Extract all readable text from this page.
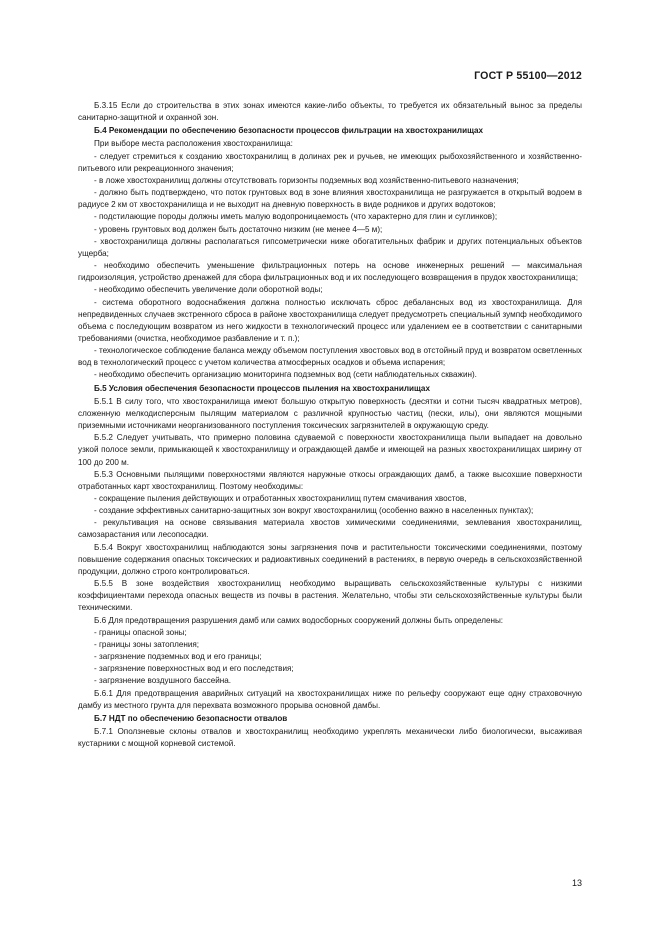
ГОСТ Р 55100—2012

Б.3.15 Если до строительства в этих зонах имеются какие-либо объекты, то требуется их обязательный вынос за пределы санитарно-защитной и охранной зон.

Б.4 Рекомендации по обеспечению безопасности процессов фильтрации на хвостохранилищах

При выборе места расположения хвостохранилища:

- следует стремиться к созданию хвостохранилищ в долинах рек и ручьев, не имеющих рыбохозяйственного и хозяйственно-питьевого или рекреационного значения;

- в ложе хвостохранилищ должны отсутствовать горизонты подземных вод хозяйственно-питьевого назначения;

- должно быть подтверждено, что поток грунтовых вод в зоне влияния хвостохранилища не разгружается в открытый водоем в радиусе 2 км от хвостохранилища и не выходит на дневную поверхность в виде родников и других водотоков;

- подстилающие породы должны иметь малую водопроницаемость (что характерно для глин и суглинков);

- уровень грунтовых вод должен быть достаточно низким (не менее 4—5 м);

- хвостохранилища должны располагаться гипсометрически ниже обогатительных фабрик и других потенциальных объектов ущерба;

- необходимо обеспечить уменьшение фильтрационных потерь на основе инженерных решений — максимальная гидроизоляция, устройство дренажей для сбора фильтрационных вод и их последующего возвращения в прудок хвостохранилища;

- необходимо обеспечить увеличение доли оборотной воды;

- система оборотного водоснабжения должна полностью исключать сброс дебалансных вод из хвостохранилища. Для непредвиденных случаев экстренного сброса в районе хвостохранилища следует предусмотреть специальный зумпф необходимого объема с последующим возвратом из него жидкости в технологический процесс или удалением ее в соответствии с санитарными требованиями (очистка, необходимое разбавление и т. п.);

- технологическое соблюдение баланса между объемом поступления хвостовых вод в отстойный пруд и возвратом осветленных вод в технологический процесс с учетом количества атмосферных осадков и объема испарения;

- необходимо обеспечить организацию мониторинга подземных вод (сети наблюдательных скважин).

Б.5 Условия обеспечения безопасности процессов пыления на хвостохранилищах

Б.5.1 В силу того, что хвостохранилища имеют большую открытую поверхность (десятки и сотни тысяч квадратных метров), сложенную мелкодисперсным пылящим материалом с различной крупностью частиц (пески, илы), они являются мощными приземными источниками неорганизованного поступления токсических загрязнителей в окружающую среду.

Б.5.2 Следует учитывать, что примерно половина сдуваемой с поверхности хвостохранилища пыли выпадает на довольно узкой полосе земли, примыкающей к хвостохранилищу и ограждающей дамбе и имеющей на разных хвостохранилищах ширину от 100 до 200 м.

Б.5.3 Основными пылящими поверхностями являются наружные откосы ограждающих дамб, а также высохшие поверхности отработанных карт хвостохранилищ. Поэтому необходимы:

- сокращение пыления действующих и отработанных хвостохранилищ путем смачивания хвостов,

- создание эффективных санитарно-защитных зон вокруг хвостохранилищ (особенно важно в населенных пунктах);

- рекультивация на основе связывания материала хвостов химическими соединениями, землевания хвостохранилищ, самозарастания или лесопосадки.

Б.5.4 Вокруг хвостохранилищ наблюдаются зоны загрязнения почв и растительности токсическими соединениями, поэтому повышение содержания опасных токсических и радиоактивных соединений в растениях, в первую очередь в сельскохозяйственной продукции, должно строго контролироваться.

Б.5.5 В зоне воздействия хвостохранилищ необходимо выращивать сельскохозяйственные культуры с низкими коэффициентами перехода опасных веществ из почвы в растения. Желательно, чтобы эти сельскохозяйственные культуры были техническими.

Б.6 Для предотвращения разрушения дамб или самих водосборных сооружений должны быть определены:

- границы опасной зоны;

- границы зоны затопления;

- загрязнение подземных вод и его границы;

- загрязнение поверхностных вод и его последствия;

- загрязнение воздушного бассейна.

Б.6.1 Для предотвращения аварийных ситуаций на хвостохранилищах ниже по рельефу сооружают еще одну страховочную дамбу из местного грунта для перехвата возможного прорыва основной дамбы.

Б.7 НДТ по обеспечению безопасности отвалов

Б.7.1 Оползневые склоны отвалов и хвостохранилищ необходимо укреплять механически либо биологически, высаживая кустарники с мощной корневой системой.

13
